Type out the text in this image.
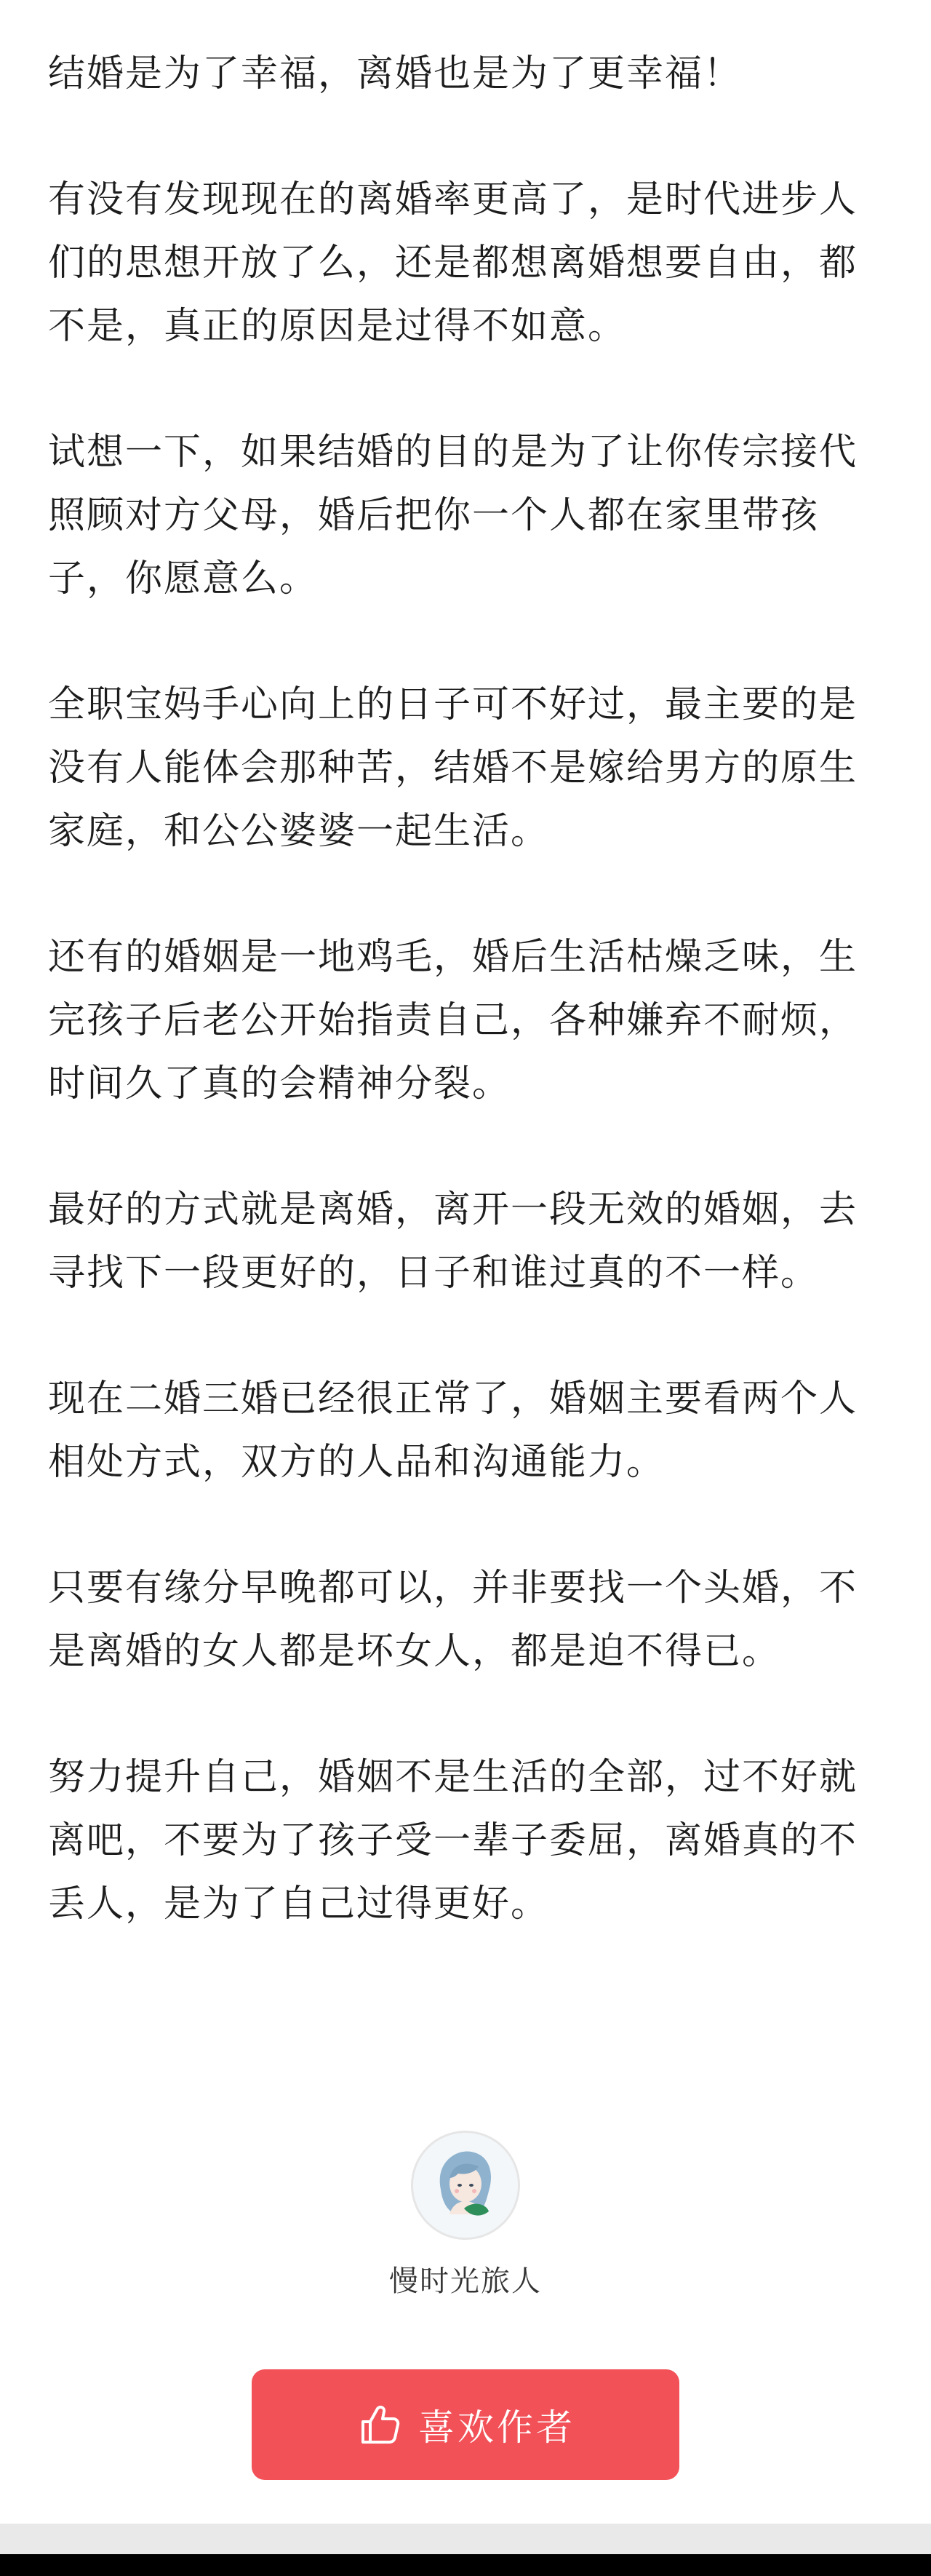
结婚是为了幸福，离婚也是为了更幸福！

有没有发现现在的离婚率更高了，是时代进步人们的思想开放了么，还是都想离婚想要自由，都不是，真正的原因是过得不如意。

试想一下，如果结婚的目的是为了让你传宗接代照顾对方父母，婚后把你一个人都在家里带孩子，你愿意么。

全职宝妈手心向上的日子可不好过，最主要的是没有人能体会那种苦，结婚不是嫁给男方的原生家庭，和公公婆婆一起生活。

还有的婚姻是一地鸡毛，婚后生活枯燥乏味，生完孩子后老公开始指责自己，各种嫌弃不耐烦，时间久了真的会精神分裂。

最好的方式就是离婚，离开一段无效的婚姻，去寻找下一段更好的，日子和谁过真的不一样。

现在二婚三婚已经很正常了，婚姻主要看两个人相处方式，双方的人品和沟通能力。

只要有缘分早晚都可以，并非要找一个头婚，不是离婚的女人都是坏女人，都是迫不得已。

努力提升自己，婚姻不是生活的全部，过不好就离吧，不要为了孩子受一辈子委屈，离婚真的不丢人，是为了自己过得更好。

慢时光旅人
喜欢作者
